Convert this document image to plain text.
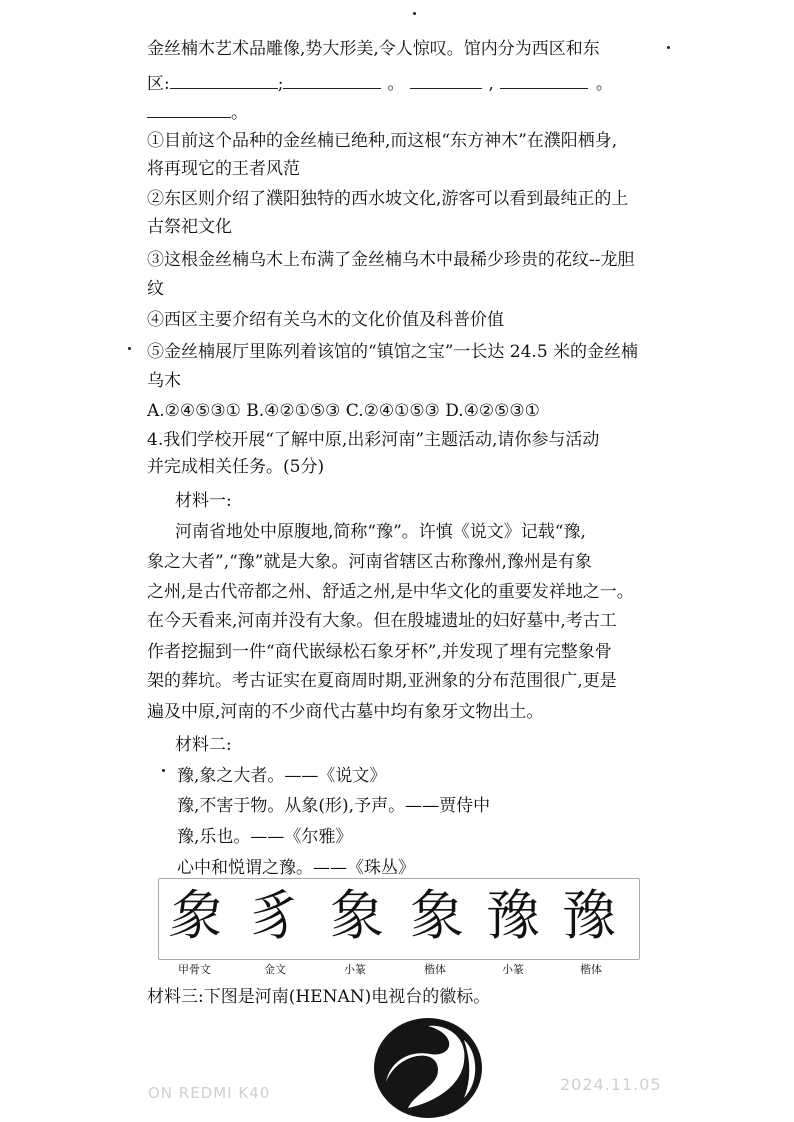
金丝楠木艺术品雕像,势大形美,令人惊叹。馆内分为西区和东
区:	;	。	,	。
。
①目前这个品种的金丝楠已绝种,而这根“东方神木”在濮阳栖身,
将再现它的王者风范
②东区则介绍了濮阳独特的西水坡文化,游客可以看到最纯正的上
古祭祀文化
③这根金丝楠乌木上布满了金丝楠乌木中最稀少珍贵的花纹--龙胆
纹
④西区主要介绍有关乌木的文化价值及科普价值
⑤金丝楠展厅里陈列着该馆的“镇馆之宝”一长达 24.5 米的金丝楠
乌木
A.②④⑤③① B.④②①⑤③ C.②④①⑤③ D.④②⑤③①
4.我们学校开展“了解中原,出彩河南”主题活动,请你参与活动
并完成相关任务。(5分)
材料一:
河南省地处中原腹地,简称“豫”。许慎《说文》记载“豫,
象之大者”,“豫”就是大象。河南省辖区古称豫州,豫州是有象
之州,是古代帝都之州、舒适之州,是中华文化的重要发祥地之一。
在今天看来,河南并没有大象。但在殷墟遗址的妇好墓中,考古工
作者挖掘到一件“商代嵌绿松石象牙杯”,并发现了埋有完整象骨
架的葬坑。考古证实在夏商周时期,亚洲象的分布范围很广,更是
遍及中原,河南的不少商代古墓中均有象牙文物出土。
材料二:
豫,象之大者。——《说文》
豫,不害于物。从象(形),予声。——贾侍中
豫,乐也。——《尔雅》
心中和悦谓之豫。——《珠丛》
象 豸 象 象 豫 豫
甲骨文	金文	小篆	楷体	小篆	楷体
材料三:下图是河南(HENAN)电视台的徽标。
ON REDMI K40	2024.11.05
